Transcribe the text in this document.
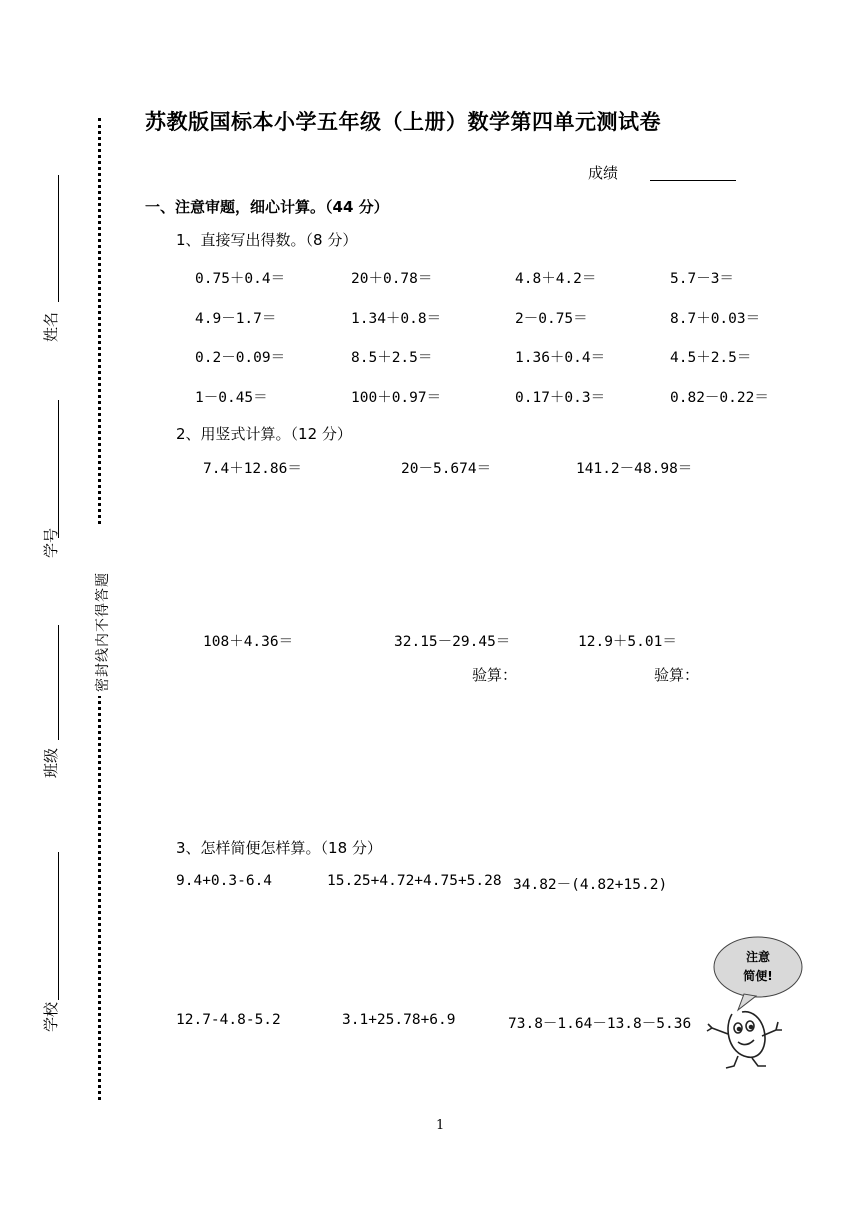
密封线内不得答题
姓名
学号
班级
学校
苏教版国标本小学五年级（上册）数学第四单元测试卷
成绩
一、注意审题，细心计算。（44 分）
1、直接写出得数。（8 分）
0.75＋0.4＝	20＋0.78＝	4.8＋4.2＝	5.7－3＝
4.9－1.7＝	1.34＋0.8＝	2－0.75＝	8.7＋0.03＝
0.2－0.09＝	8.5＋2.5＝	1.36＋0.4＝	4.5＋2.5＝
1－0.45＝	100＋0.97＝	0.17＋0.3＝	0.82－0.22＝
2、用竖式计算。（12 分）
7.4＋12.86＝	20－5.674＝	141.2－48.98＝
108＋4.36＝	32.15－29.45＝	12.9＋5.01＝
验算：	验算：
3、怎样简便怎样算。（18 分）
9.4+0.3-6.4	15.25+4.72+4.75+5.28 34.82－(4.82+15.2)
12.7-4.8-5.2	3.1+25.78+6.9	73.8－1.64－13.8－5.36
注意
简便!
1
